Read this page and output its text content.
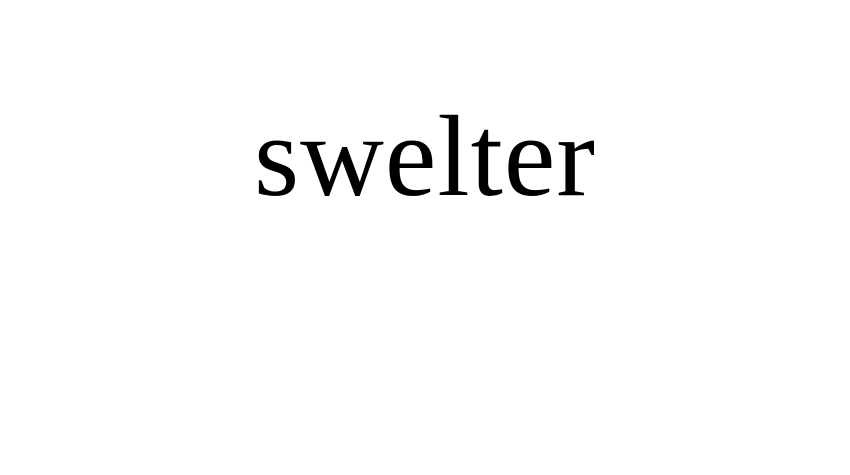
swelter
